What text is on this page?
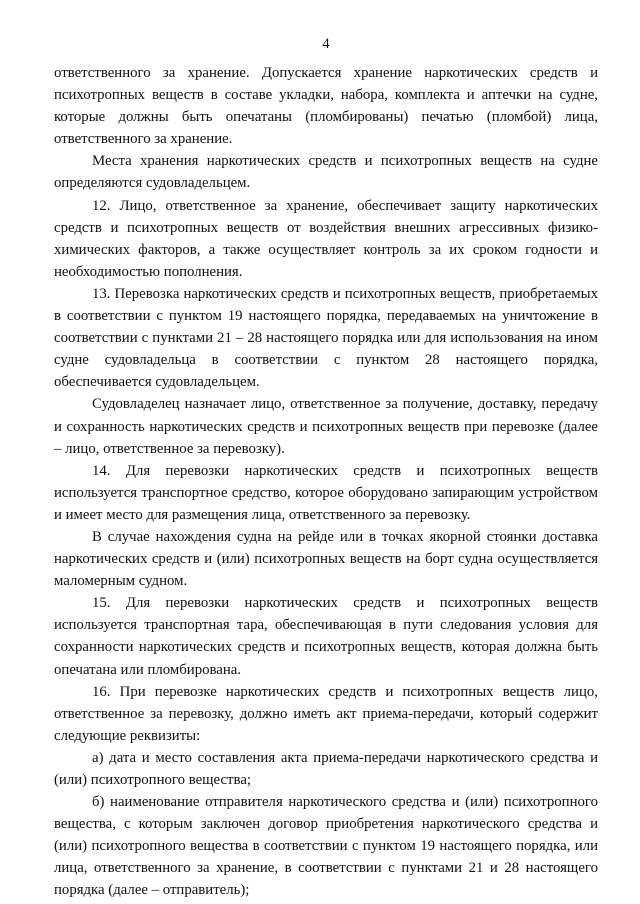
4

ответственного за хранение. Допускается хранение наркотических средств и психотропных веществ в составе укладки, набора, комплекта и аптечки на судне, которые должны быть опечатаны (пломбированы) печатью (пломбой) лица, ответственного за хранение.

Места хранения наркотических средств и психотропных веществ на судне определяются судовладельцем.

12. Лицо, ответственное за хранение, обеспечивает защиту наркотических средств и психотропных веществ от воздействия внешних агрессивных физико-химических факторов, а также осуществляет контроль за их сроком годности и необходимостью пополнения.

13. Перевозка наркотических средств и психотропных веществ, приобретаемых в соответствии с пунктом 19 настоящего порядка, передаваемых на уничтожение в соответствии с пунктами 21 – 28 настоящего порядка или для использования на ином судне судовладельца в соответствии с пунктом 28 настоящего порядка, обеспечивается судовладельцем.

Судовладелец назначает лицо, ответственное за получение, доставку, передачу и сохранность наркотических средств и психотропных веществ при перевозке (далее – лицо, ответственное за перевозку).

14. Для перевозки наркотических средств и психотропных веществ используется транспортное средство, которое оборудовано запирающим устройством и имеет место для размещения лица, ответственного за перевозку.

В случае нахождения судна на рейде или в точках якорной стоянки доставка наркотических средств и (или) психотропных веществ на борт судна осуществляется маломерным судном.

15. Для перевозки наркотических средств и психотропных веществ используется транспортная тара, обеспечивающая в пути следования условия для сохранности наркотических средств и психотропных веществ, которая должна быть опечатана или пломбирована.

16. При перевозке наркотических средств и психотропных веществ лицо, ответственное за перевозку, должно иметь акт приема-передачи, который содержит следующие реквизиты:

а) дата и место составления акта приема-передачи наркотического средства и (или) психотропного вещества;

б) наименование отправителя наркотического средства и (или) психотропного вещества, с которым заключен договор приобретения наркотического средства и (или) психотропного вещества в соответствии с пунктом 19 настоящего порядка, или лица, ответственного за хранение, в соответствии с пунктами 21 и 28 настоящего порядка (далее – отправитель);
